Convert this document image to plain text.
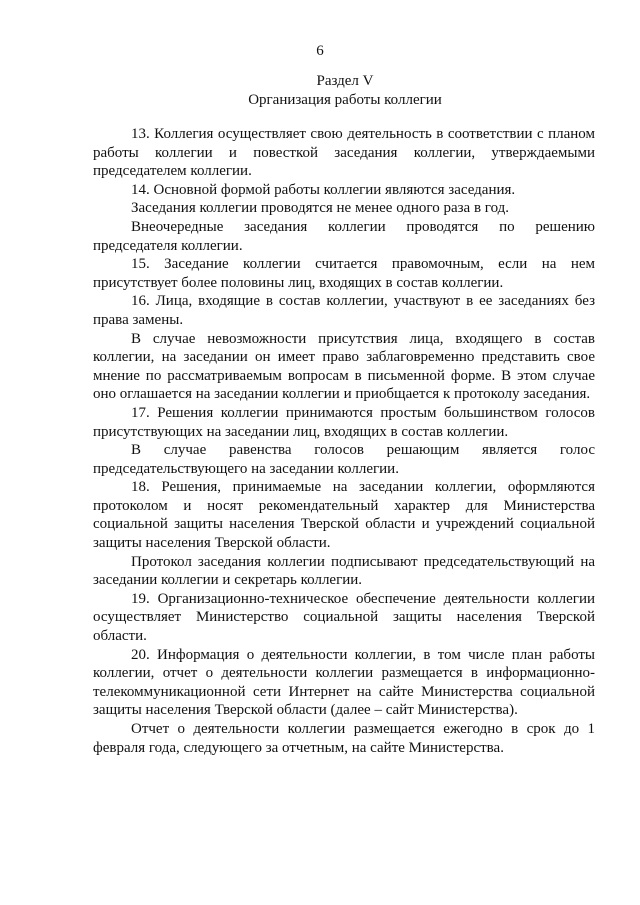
6
Раздел V
Организация работы коллегии

13. Коллегия осуществляет свою деятельность в соответствии с планом работы коллегии и повесткой заседания коллегии, утверждаемыми председателем коллегии.

14. Основной формой работы коллегии являются заседания.

Заседания коллегии проводятся не менее одного раза в год.

Внеочередные заседания коллегии проводятся по решению председателя коллегии.

15. Заседание коллегии считается правомочным, если на нем присутствует более половины лиц, входящих в состав коллегии.

16. Лица, входящие в состав коллегии, участвуют в ее заседаниях без права замены.

В случае невозможности присутствия лица, входящего в состав коллегии, на заседании он имеет право заблаговременно представить свое мнение по рассматриваемым вопросам в письменной форме. В этом случае оно оглашается на заседании коллегии и приобщается к протоколу заседания.

17. Решения коллегии принимаются простым большинством голосов присутствующих на заседании лиц, входящих в состав коллегии.

В случае равенства голосов решающим является голос председательствующего на заседании коллегии.

18. Решения, принимаемые на заседании коллегии, оформляются протоколом и носят рекомендательный характер для Министерства социальной защиты населения Тверской области и учреждений социальной защиты населения Тверской области.

Протокол заседания коллегии подписывают председательствующий на заседании коллегии и секретарь коллегии.

19. Организационно-техническое обеспечение деятельности коллегии осуществляет Министерство социальной защиты населения Тверской области.

20. Информация о деятельности коллегии, в том числе план работы коллегии, отчет о деятельности коллегии размещается в информационно-телекоммуникационной сети Интернет на сайте Министерства социальной защиты населения Тверской области (далее – сайт Министерства).

Отчет о деятельности коллегии размещается ежегодно в срок до 1 февраля года, следующего за отчетным, на сайте Министерства.
